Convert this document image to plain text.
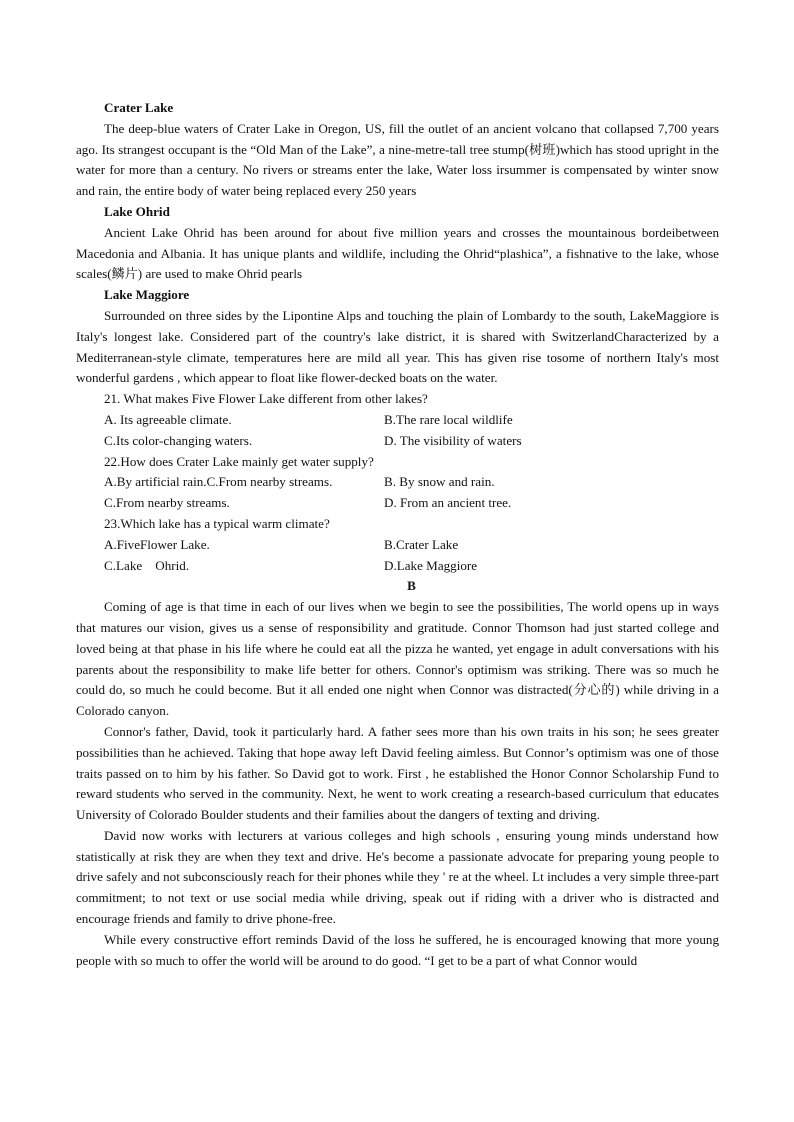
Crater Lake

The deep-blue waters of Crater Lake in Oregon, US, fill the outlet of an ancient volcano that collapsed 7,700 years ago. Its strangest occupant is the “Old Man of the Lake”, a nine-metre-tall tree stump(树班)which has stood upright in the water for more than a century. No rivers or streams enter the lake, Water loss irsummer is compensated by winter snow and rain, the entire body of water being replaced every 250 years

Lake Ohrid

Ancient Lake Ohrid has been around for about five million years and crosses the mountainous bordeibetween Macedonia and Albania. It has unique plants and wildlife, including the Ohrid“plashica”, a fishnative to the lake, whose scales(鳞片) are used to make Ohrid pearls

Lake Maggiore

Surrounded on three sides by the Lipontine Alps and touching the plain of Lombardy to the south, LakeMaggiore is Italy's longest lake. Considered part of the country's lake district, it is shared with SwitzerlandCharacterized by a Mediterranean-style climate, temperatures here are mild all year. This has given rise tosome of northern Italy's most wonderful gardens , which appear to float like flower-decked boats on the water.

21. What makes Five Flower Lake different from other lakes?

A. Its agreeable climate.	B.The rare local wildlife
C.Its color-changing waters.	D. The visibility of waters

22.How does Crater Lake mainly get water supply?

A.By artificial rain.C.From nearby streams.	B. By snow and rain.
C.From nearby streams.	D. From an ancient tree.

23.Which lake has a typical warm climate?

A.FiveFlower Lake.	B.Crater Lake
C.Lake　Ohrid.	D.Lake Maggiore

B

Coming of age is that time in each of our lives when we begin to see the possibilities, The world opens up in ways that matures our vision, gives us a sense of responsibility and gratitude. Connor Thomson had just started college and loved being at that phase in his life where he could eat all the pizza he wanted, yet engage in adult conversations with his parents about the responsibility to make life better for others. Connor's optimism was striking. There was so much he could do, so much he could become. But it all ended one night when Connor was distracted(分心的) while driving in a Colorado canyon.

Connor's father, David, took it particularly hard. A father sees more than his own traits in his son; he sees greater possibilities than he achieved. Taking that hope away left David feeling aimless. But Connor’s optimism was one of those traits passed on to him by his father. So David got to work. First , he established the Honor Connor Scholarship Fund to reward students who served in the community. Next, he went to work creating a research-based curriculum that educates University of Colorado Boulder students and their families about the dangers of texting and driving.

David now works with lecturers at various colleges and high schools , ensuring young minds understand how statistically at risk they are when they text and drive. He's become a passionate advocate for preparing young people to drive safely and not subconsciously reach for their phones while they ' re at the wheel. Lt includes a very simple three-part commitment; to not text or use social media while driving, speak out if riding with a driver who is distracted and encourage friends and family to drive phone-free.

While every constructive effort reminds David of the loss he suffered, he is encouraged knowing that more young people with so much to offer the world will be around to do good. “I get to be a part of what Connor would
